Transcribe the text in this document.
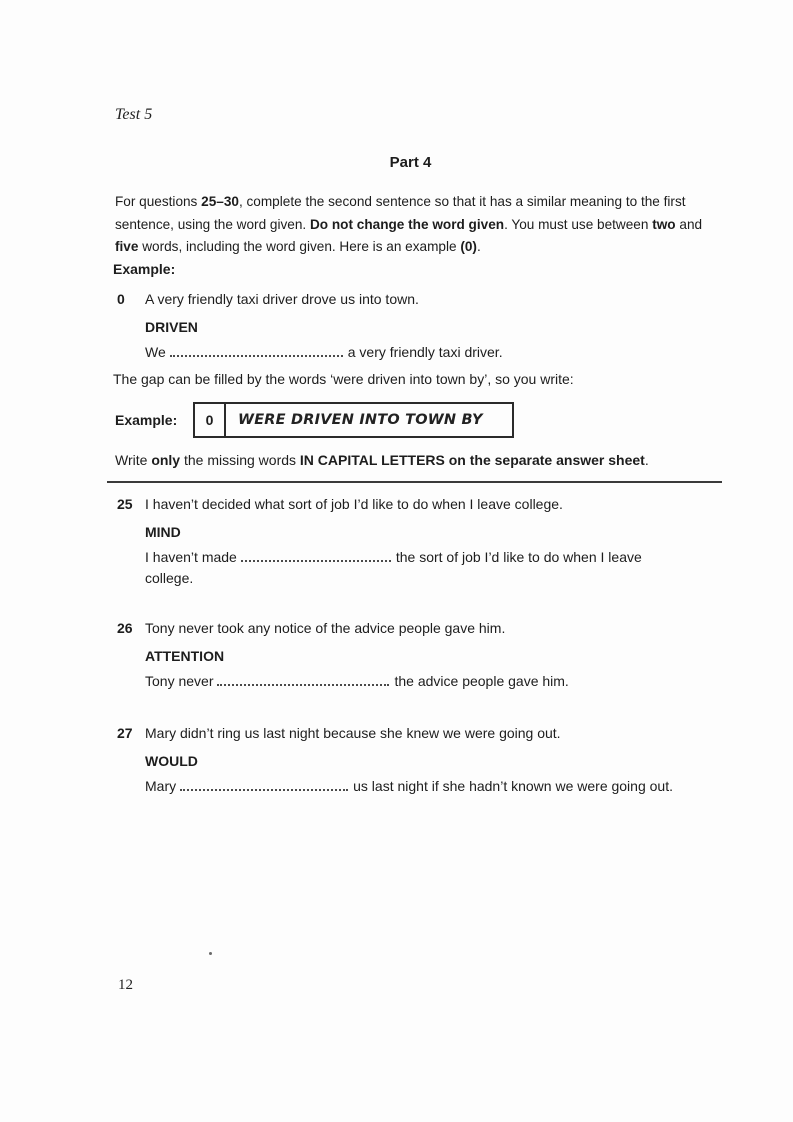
Test 5
Part 4
For questions 25–30, complete the second sentence so that it has a similar meaning to the first
sentence, using the word given. Do not change the word given. You must use between two and
five words, including the word given. Here is an example (0).
Example:
0	A very friendly taxi driver drove us into town.
DRIVEN
We	a very friendly taxi driver.
The gap can be filled by the words ‘were driven into town by’, so you write:
Example:	0	WERE DRIVEN INTO TOWN BY
Write only the missing words IN CAPITAL LETTERS on the separate answer sheet.
25 I haven’t decided what sort of job I’d like to do when I leave college.
MIND
I haven’t made	the sort of job I’d like to do when I leave college.
26 Tony never took any notice of the advice people gave him.
ATTENTION
Tony never	the advice people gave him.
27 Mary didn’t ring us last night because she knew we were going out.
WOULD
Mary	us last night if she hadn’t known we were going out.
12
